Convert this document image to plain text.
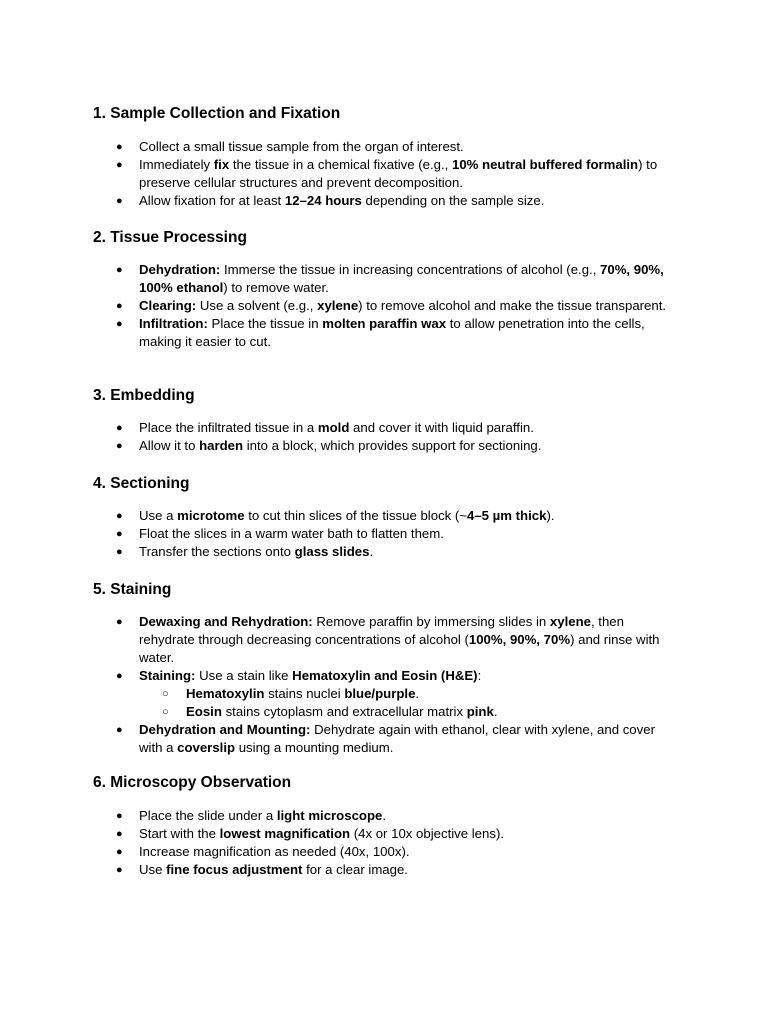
1. Sample Collection and Fixation
● Collect a small tissue sample from the organ of interest.
● Immediately fix the tissue in a chemical fixative (e.g., 10% neutral buffered formalin) to preserve cellular structures and prevent decomposition.
● Allow fixation for at least 12–24 hours depending on the sample size.
2. Tissue Processing
● Dehydration: Immerse the tissue in increasing concentrations of alcohol (e.g., 70%, 90%, 100% ethanol) to remove water.
● Clearing: Use a solvent (e.g., xylene) to remove alcohol and make the tissue transparent.
● Infiltration: Place the tissue in molten paraffin wax to allow penetration into the cells, making it easier to cut.
3. Embedding
● Place the infiltrated tissue in a mold and cover it with liquid paraffin.
● Allow it to harden into a block, which provides support for sectioning.
4. Sectioning
● Use a microtome to cut thin slices of the tissue block (~4–5 µm thick).
● Float the slices in a warm water bath to flatten them.
● Transfer the sections onto glass slides.
5. Staining
● Dewaxing and Rehydration: Remove paraffin by immersing slides in xylene, then rehydrate through decreasing concentrations of alcohol (100%, 90%, 70%) and rinse with water.
● Staining: Use a stain like Hematoxylin and Eosin (H&E):
○ Hematoxylin stains nuclei blue/purple.
○ Eosin stains cytoplasm and extracellular matrix pink.
● Dehydration and Mounting: Dehydrate again with ethanol, clear with xylene, and cover with a coverslip using a mounting medium.
6. Microscopy Observation
● Place the slide under a light microscope.
● Start with the lowest magnification (4x or 10x objective lens).
● Increase magnification as needed (40x, 100x).
● Use fine focus adjustment for a clear image.
